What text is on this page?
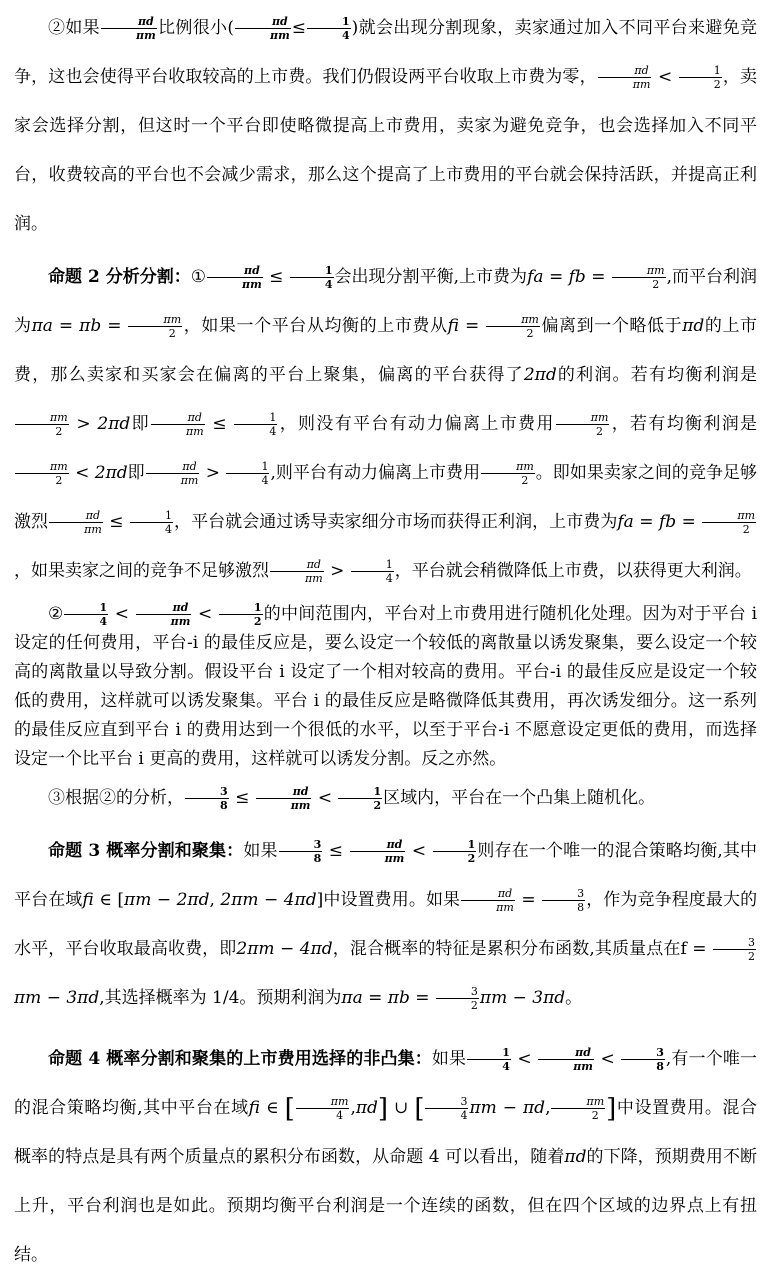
②如果 $\frac{\pi d}{\pi m}$ 比例很小( $\frac{\pi d}{\pi m} \le \frac{1}{4}$ )就会出现分割现象，卖家通过加入不同平台来避免竞争，这也会使得平台收取较高的上市费。我们仍假设两平台收取上市费为零， $\frac{\pi d}{\pi m} < \frac{1}{2}$ ，卖家会选择分割，但这时一个平台即使略微提高上市费用，卖家为避免竞争，也会选择加入不同平台，收费较高的平台也不会减少需求，那么这个提高了上市费用的平台就会保持活跃，并提高正利润。

命题 2 分析分割：① $\frac{\pi d}{\pi m} \le \frac{1}{4}$ 会出现分割平衡,上市费为fa = fb = $\frac{\pi m}{2}$ ,而平台利润为$\pi a = \pi b = \frac{\pi m}{2}$ ，如果一个平台从均衡的上市费从fi = $\frac{\pi m}{2}$ 偏离到一个略低于πd的上市费，那么卖家和买家会在偏离的平台上聚集，偏离的平台获得了2πd的利润。若有均衡利润是
$\frac{\pi m}{2} > 2\pi d$即 $\frac{\pi d}{\pi m} \le \frac{1}{4}$ ，则没有平台有动力偏离上市费用 $\frac{\pi m}{2}$ ，若有均衡利润是
$\frac{\pi m}{2} < 2\pi d$即 $\frac{\pi d}{\pi m} > \frac{1}{4}$ ,则平台有动力偏离上市费用 $\frac{\pi m}{2}$ 。即如果卖家之间的竞争足够激烈 $\frac{\pi d}{\pi m} \le \frac{1}{4}$ ，平台就会通过诱导卖家细分市场而获得正利润，上市费为fa = fb = $\frac{\pi m}{2}$
，如果卖家之间的竞争不足够激烈 $\frac{\pi d}{\pi m} > \frac{1}{4}$ ，平台就会稍微降低上市费，以获得更大利润。

② $\frac{1}{4} < \frac{\pi d}{\pi m} < \frac{1}{2}$ 的中间范围内，平台对上市费用进行随机化处理。因为对于平台 i 设定的任何费用，平台-i 的最佳反应是，要么设定一个较低的离散量以诱发聚集，要么设定一个较高的离散量以导致分割。假设平台 i 设定了一个相对较高的费用。平台-i 的最佳反应是设定一个较低的费用，这样就可以诱发聚集。平台 i 的最佳反应是略微降低其费用，再次诱发细分。这一系列的最佳反应直到平台 i 的费用达到一个很低的水平，以至于平台-i 不愿意设定更低的费用，而选择设定一个比平台 i 更高的费用，这样就可以诱发分割。反之亦然。

③根据②的分析， $\frac{3}{8} \le \frac{\pi d}{\pi m} < \frac{1}{2}$ 区域内，平台在一个凸集上随机化。

命题 3 概率分割和聚集：如果 $\frac{3}{8} \le \frac{\pi d}{\pi m} < \frac{1}{2}$ 则存在一个唯一的混合策略均衡,其中平台在域fi ∈ [πm − 2πd, 2πm − 4πd]中设置费用。如果 $\frac{\pi d}{\pi m} = \frac{3}{8}$ ，作为竞争程度最大的水平，平台收取最高收费，即2πm − 4πd，混合概率的特征是累积分布函数,其质量点在$f = \frac{3}{2}$
πm − 3πd,其选择概率为 1/4。预期利润为$\pi a = \pi b = \frac{3}{2}$ πm − 3πd。

命题 4 概率分割和聚集的上市费用选择的非凸集：如果 $\frac{1}{4} < \frac{\pi d}{\pi m} < \frac{3}{8}$ ,有一个唯一的混合策略均衡,其中平台在域fi ∈ [ $\frac{\pi m}{4} ,\pi d$] ∪ [ $\frac{3}{4}$ πm − πd, $\frac{\pi m}{2}$ ]中设置费用。混合概率的特点是具有两个质量点的累积分布函数，从命题 4 可以看出，随着πd的下降，预期费用不断上升，平台利润也是如此。预期均衡平台利润是一个连续的函数，但在四个区域的边界点上有扭结。
